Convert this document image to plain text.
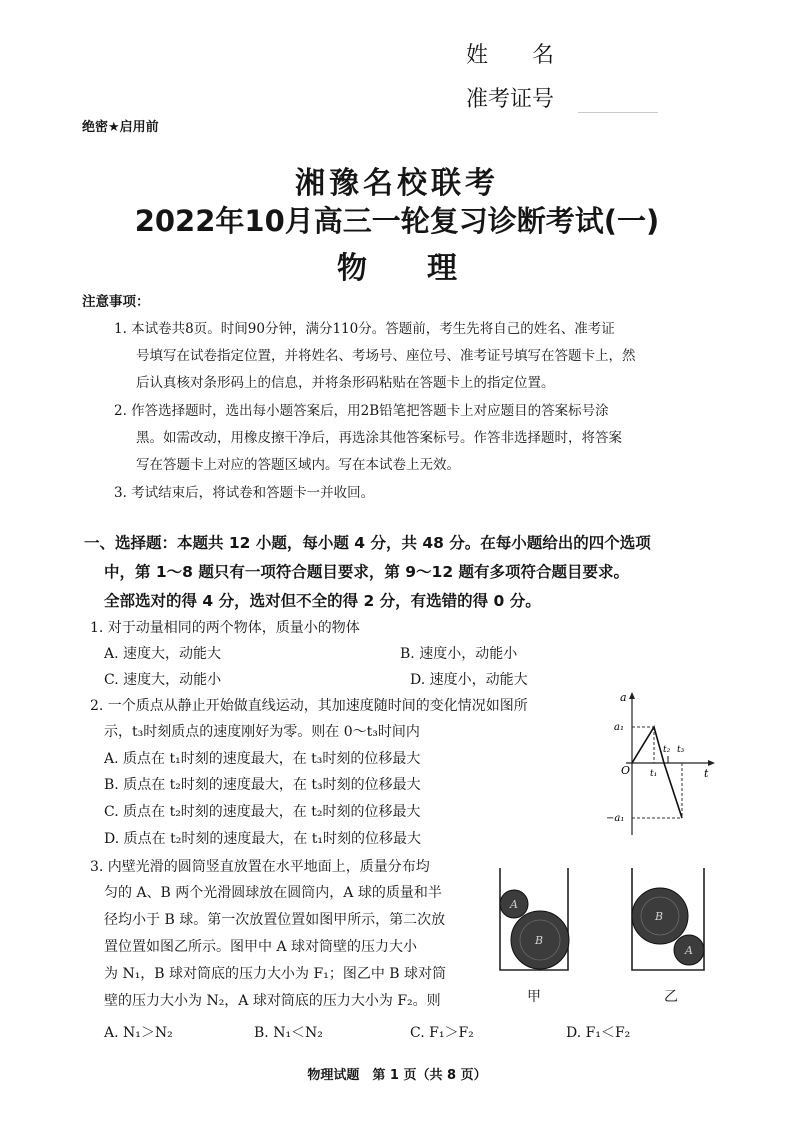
姓　　名
准考证号
绝密★启用前
湘豫名校联考
2022年10月高三一轮复习诊断考试(一)
物　　理
注意事项：
1. 本试卷共8页。时间90分钟，满分110分。答题前，考生先将自己的姓名、准考证
号填写在试卷指定位置，并将姓名、考场号、座位号、准考证号填写在答题卡上，然
后认真核对条形码上的信息，并将条形码粘贴在答题卡上的指定位置。
2. 作答选择题时，选出每小题答案后，用2B铅笔把答题卡上对应题目的答案标号涂
黑。如需改动，用橡皮擦干净后，再选涂其他答案标号。作答非选择题时，将答案
写在答题卡上对应的答题区域内。写在本试卷上无效。
3. 考试结束后，将试卷和答题卡一并收回。
一、选择题：本题共 12 小题，每小题 4 分，共 48 分。在每小题给出的四个选项
中，第 1～8 题只有一项符合题目要求，第 9～12 题有多项符合题目要求。
全部选对的得 4 分，选对但不全的得 2 分，有选错的得 0 分。
1. 对于动量相同的两个物体，质量小的物体
A. 速度大，动能大	B. 速度小，动能小
C. 速度大，动能小	D. 速度小，动能大
2. 一个质点从静止开始做直线运动，其加速度随时间的变化情况如图所
示，t₃时刻质点的速度刚好为零。则在 0～t₃时间内
A. 质点在 t₁时刻的速度最大，在 t₃时刻的位移最大
B. 质点在 t₂时刻的速度最大，在 t₃时刻的位移最大
C. 质点在 t₂时刻的速度最大，在 t₂时刻的位移最大
D. 质点在 t₂时刻的速度最大，在 t₁时刻的位移最大
a
a₁
−a₁
O	t
t₁
t₂ t₃
3. 内壁光滑的圆筒竖直放置在水平地面上，质量分布均
匀的 A、B 两个光滑圆球放在圆筒内，A 球的质量和半
径均小于 B 球。第一次放置位置如图甲所示，第二次放
置位置如图乙所示。图甲中 A 球对筒壁的压力大小
为 N₁，B 球对筒底的压力大小为 F₁；图乙中 B 球对筒
壁的压力大小为 N₂，A 球对筒底的压力大小为 F₂。则
A. N₁＞N₂	B. N₁＜N₂	C. F₁＞F₂	D. F₁＜F₂
A
B
甲
B
A
乙
物理试题　第 1 页（共 8 页）
